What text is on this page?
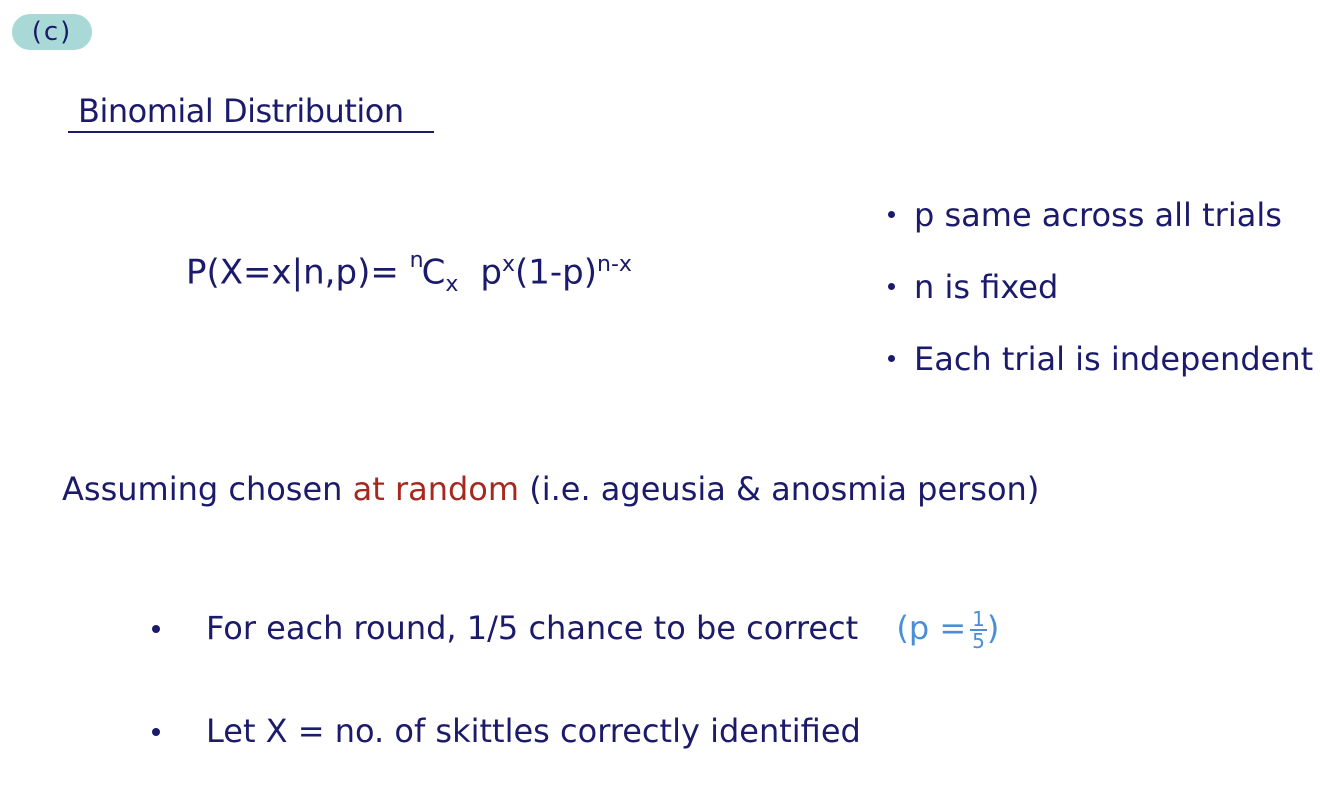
(c)
Binomial Distribution
$P(X=x|n,p)= ^nC_x$ $p^x(1-p)^{n-x}$
p same across all trials
n is fixed
Each trial is independent
Assuming chosen at random (i.e. ageusia & anosmia person)
For each round, 1/5 chance to be correct ($p = \frac{1}{5}$ )
Let X = no. of skittles correctly identified
